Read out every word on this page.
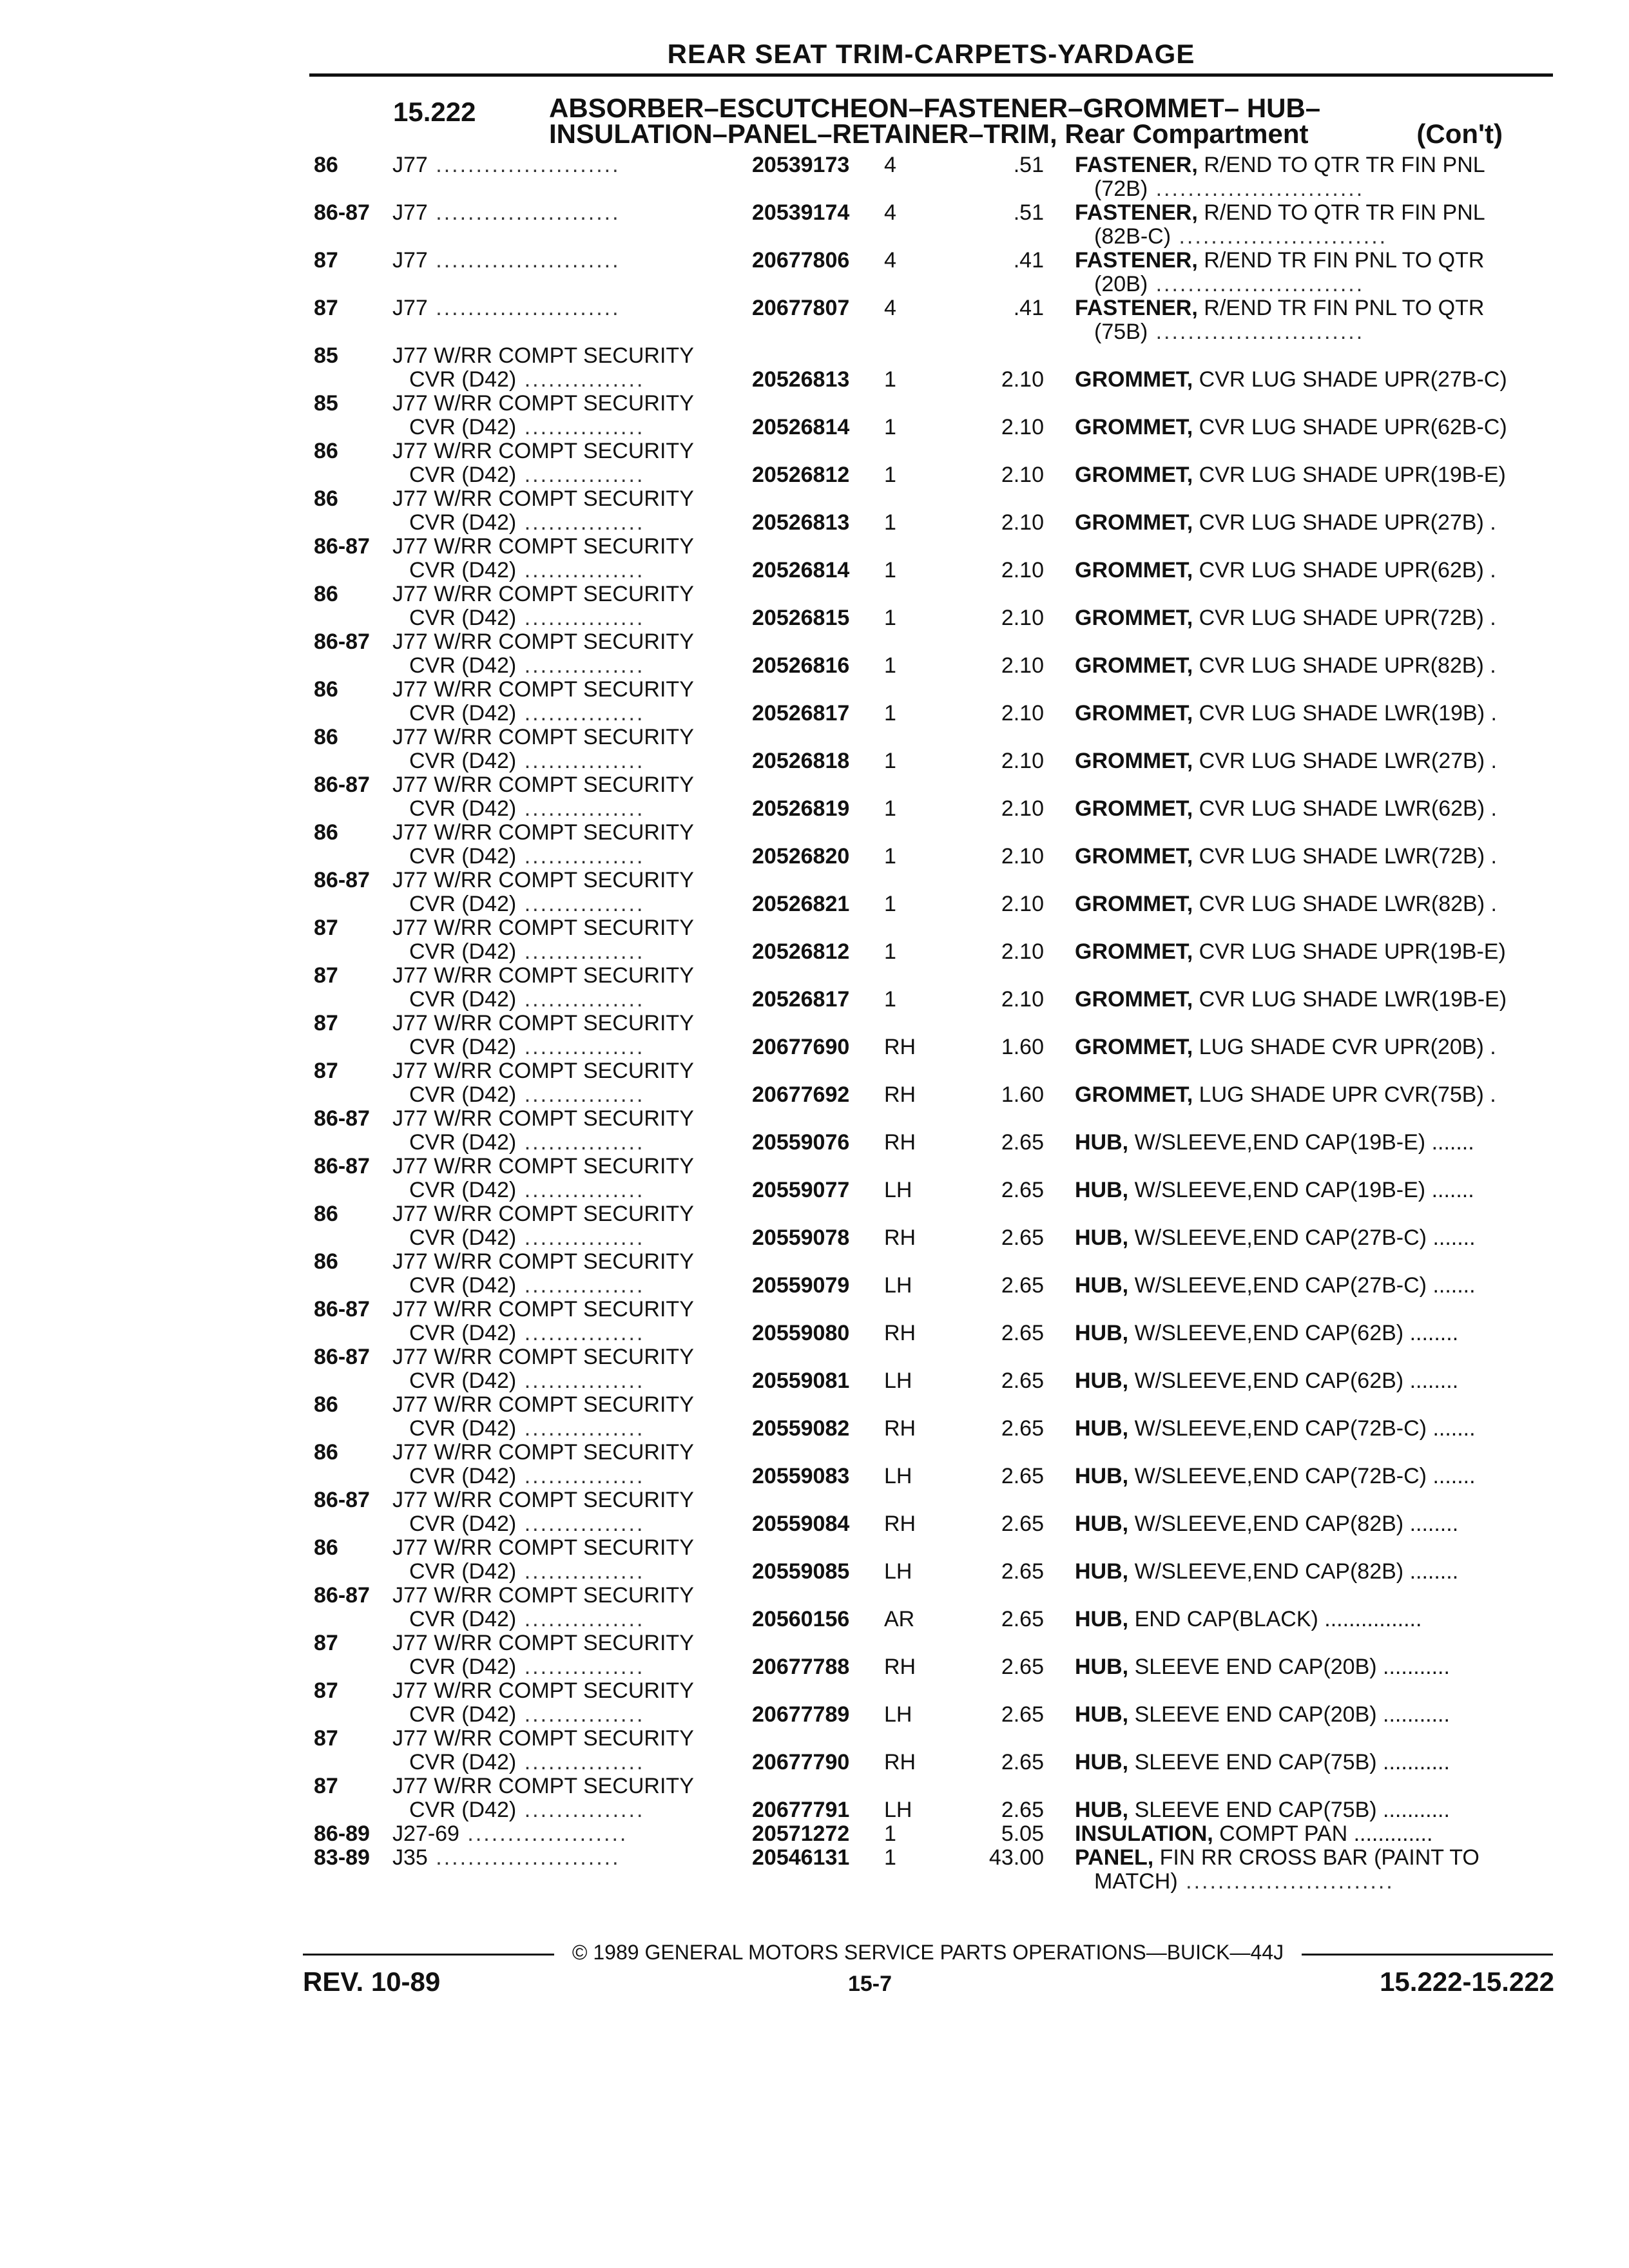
REAR SEAT TRIM-CARPETS-YARDAGE
15.222	ABSORBER–ESCUTCHEON–FASTENER–GROMMET– HUB–
INSULATION–PANEL–RETAINER–TRIM, Rear Compartment	(Con't)
86 J77 .......................	20539173 4	.51 FASTENER, R/END TO QTR TR FIN PNL
(72B) ..........................
86-87 J77 .......................	20539174 4	.51 FASTENER, R/END TO QTR TR FIN PNL
(82B-C) ..........................
87 J77 .......................	20677806 4	.41 FASTENER, R/END TR FIN PNL TO QTR
(20B) ..........................
87 J77 .......................	20677807 4	.41 FASTENER, R/END TR FIN PNL TO QTR
(75B) ..........................
85 J77 W/RR COMPT SECURITY
CVR (D42) ...............	20526813 1	2.10 GROMMET, CVR LUG SHADE UPR(27B-C)
85 J77 W/RR COMPT SECURITY
CVR (D42) ...............	20526814 1	2.10 GROMMET, CVR LUG SHADE UPR(62B-C)
86 J77 W/RR COMPT SECURITY
CVR (D42) ...............	20526812 1	2.10 GROMMET, CVR LUG SHADE UPR(19B-E)
86 J77 W/RR COMPT SECURITY
CVR (D42) ...............	20526813 1	2.10 GROMMET, CVR LUG SHADE UPR(27B) .
86-87 J77 W/RR COMPT SECURITY
CVR (D42) ...............	20526814 1	2.10 GROMMET, CVR LUG SHADE UPR(62B) .
86 J77 W/RR COMPT SECURITY
CVR (D42) ...............	20526815 1	2.10 GROMMET, CVR LUG SHADE UPR(72B) .
86-87 J77 W/RR COMPT SECURITY
CVR (D42) ...............	20526816 1	2.10 GROMMET, CVR LUG SHADE UPR(82B) .
86 J77 W/RR COMPT SECURITY
CVR (D42) ...............	20526817 1	2.10 GROMMET, CVR LUG SHADE LWR(19B) .
86 J77 W/RR COMPT SECURITY
CVR (D42) ...............	20526818 1	2.10 GROMMET, CVR LUG SHADE LWR(27B) .
86-87 J77 W/RR COMPT SECURITY
CVR (D42) ...............	20526819 1	2.10 GROMMET, CVR LUG SHADE LWR(62B) .
86 J77 W/RR COMPT SECURITY
CVR (D42) ...............	20526820 1	2.10 GROMMET, CVR LUG SHADE LWR(72B) .
86-87 J77 W/RR COMPT SECURITY
CVR (D42) ...............	20526821 1	2.10 GROMMET, CVR LUG SHADE LWR(82B) .
87 J77 W/RR COMPT SECURITY
CVR (D42) ...............	20526812 1	2.10 GROMMET, CVR LUG SHADE UPR(19B-E)
87 J77 W/RR COMPT SECURITY
CVR (D42) ...............	20526817 1	2.10 GROMMET, CVR LUG SHADE LWR(19B-E)
87 J77 W/RR COMPT SECURITY
CVR (D42) ...............	20677690 RH	1.60 GROMMET, LUG SHADE CVR UPR(20B) .
87 J77 W/RR COMPT SECURITY
CVR (D42) ...............	20677692 RH	1.60 GROMMET, LUG SHADE UPR CVR(75B) .
86-87 J77 W/RR COMPT SECURITY
CVR (D42) ...............	20559076 RH	2.65 HUB, W/SLEEVE,END CAP(19B-E) .......
86-87 J77 W/RR COMPT SECURITY
CVR (D42) ...............	20559077 LH	2.65 HUB, W/SLEEVE,END CAP(19B-E) .......
86 J77 W/RR COMPT SECURITY
CVR (D42) ...............	20559078 RH	2.65 HUB, W/SLEEVE,END CAP(27B-C) .......
86 J77 W/RR COMPT SECURITY
CVR (D42) ...............	20559079 LH	2.65 HUB, W/SLEEVE,END CAP(27B-C) .......
86-87 J77 W/RR COMPT SECURITY
CVR (D42) ...............	20559080 RH	2.65 HUB, W/SLEEVE,END CAP(62B) ........
86-87 J77 W/RR COMPT SECURITY
CVR (D42) ...............	20559081 LH	2.65 HUB, W/SLEEVE,END CAP(62B) ........
86 J77 W/RR COMPT SECURITY
CVR (D42) ...............	20559082 RH	2.65 HUB, W/SLEEVE,END CAP(72B-C) .......
86 J77 W/RR COMPT SECURITY
CVR (D42) ...............	20559083 LH	2.65 HUB, W/SLEEVE,END CAP(72B-C) .......
86-87 J77 W/RR COMPT SECURITY
CVR (D42) ...............	20559084 RH	2.65 HUB, W/SLEEVE,END CAP(82B) ........
86 J77 W/RR COMPT SECURITY
CVR (D42) ...............	20559085 LH	2.65 HUB, W/SLEEVE,END CAP(82B) ........
86-87 J77 W/RR COMPT SECURITY
CVR (D42) ...............	20560156 AR	2.65 HUB, END CAP(BLACK) ................
87 J77 W/RR COMPT SECURITY
CVR (D42) ...............	20677788 RH	2.65 HUB, SLEEVE END CAP(20B) ...........
87 J77 W/RR COMPT SECURITY
CVR (D42) ...............	20677789 LH	2.65 HUB, SLEEVE END CAP(20B) ...........
87 J77 W/RR COMPT SECURITY
CVR (D42) ...............	20677790 RH	2.65 HUB, SLEEVE END CAP(75B) ...........
87 J77 W/RR COMPT SECURITY
CVR (D42) ...............	20677791 LH	2.65 HUB, SLEEVE END CAP(75B) ...........
86-89 J27-69 ....................	20571272 1	5.05 INSULATION, COMPT PAN .............
83-89 J35 .......................	20546131 1	43.00 PANEL, FIN RR CROSS BAR (PAINT TO
MATCH) ..........................
© 1989 GENERAL MOTORS SERVICE PARTS OPERATIONS—BUICK—44J
REV. 10-89	15-7	15.222-15.222
